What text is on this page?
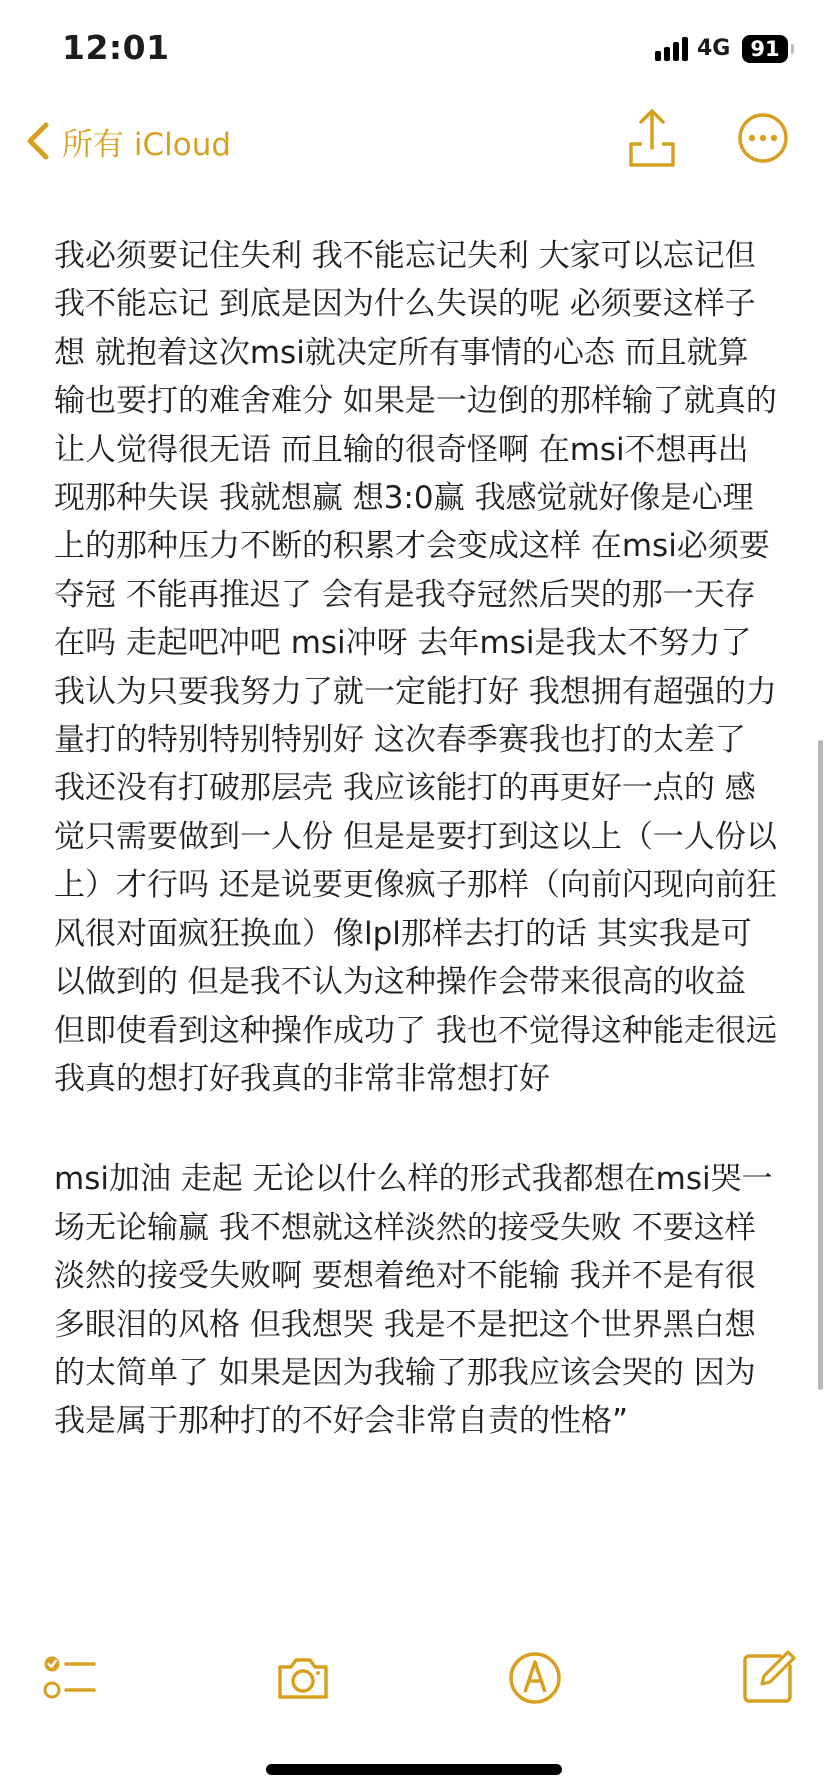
12:01	4G 91
所有 iCloud

我必须要记住失利 我不能忘记失利 大家可以忘记但我不能忘记 到底是因为什么失误的呢 必须要这样子想 就抱着这次msi就决定所有事情的心态 而且就算输也要打的难舍难分 如果是一边倒的那样输了就真的让人觉得很无语 而且输的很奇怪啊 在msi不想再出现那种失误 我就想赢 想3:0赢 我感觉就好像是心理上的那种压力不断的积累才会变成这样 在msi必须要夺冠 不能再推迟了 会有是我夺冠然后哭的那一天存在吗 走起吧冲吧 msi冲呀 去年msi是我太不努力了 我认为只要我努力了就一定能打好 我想拥有超强的力量打的特别特别特别好 这次春季赛我也打的太差了 我还没有打破那层壳 我应该能打的再更好一点的 感觉只需要做到一人份 但是是要打到这以上（一人份以上）才行吗 还是说要更像疯子那样（向前闪现向前狂风很对面疯狂换血）像lpl那样去打的话 其实我是可以做到的 但是我不认为这种操作会带来很高的收益 但即使看到这种操作成功了 我也不觉得这种能走很远 我真的想打好我真的非常非常想打好

msi加油 走起 无论以什么样的形式我都想在msi哭一场无论输赢 我不想就这样淡然的接受失败 不要这样淡然的接受失败啊 要想着绝对不能输 我并不是有很多眼泪的风格 但我想哭 我是不是把这个世界黑白想的太简单了 如果是因为我输了那我应该会哭的 因为我是属于那种打的不好会非常自责的性格”
